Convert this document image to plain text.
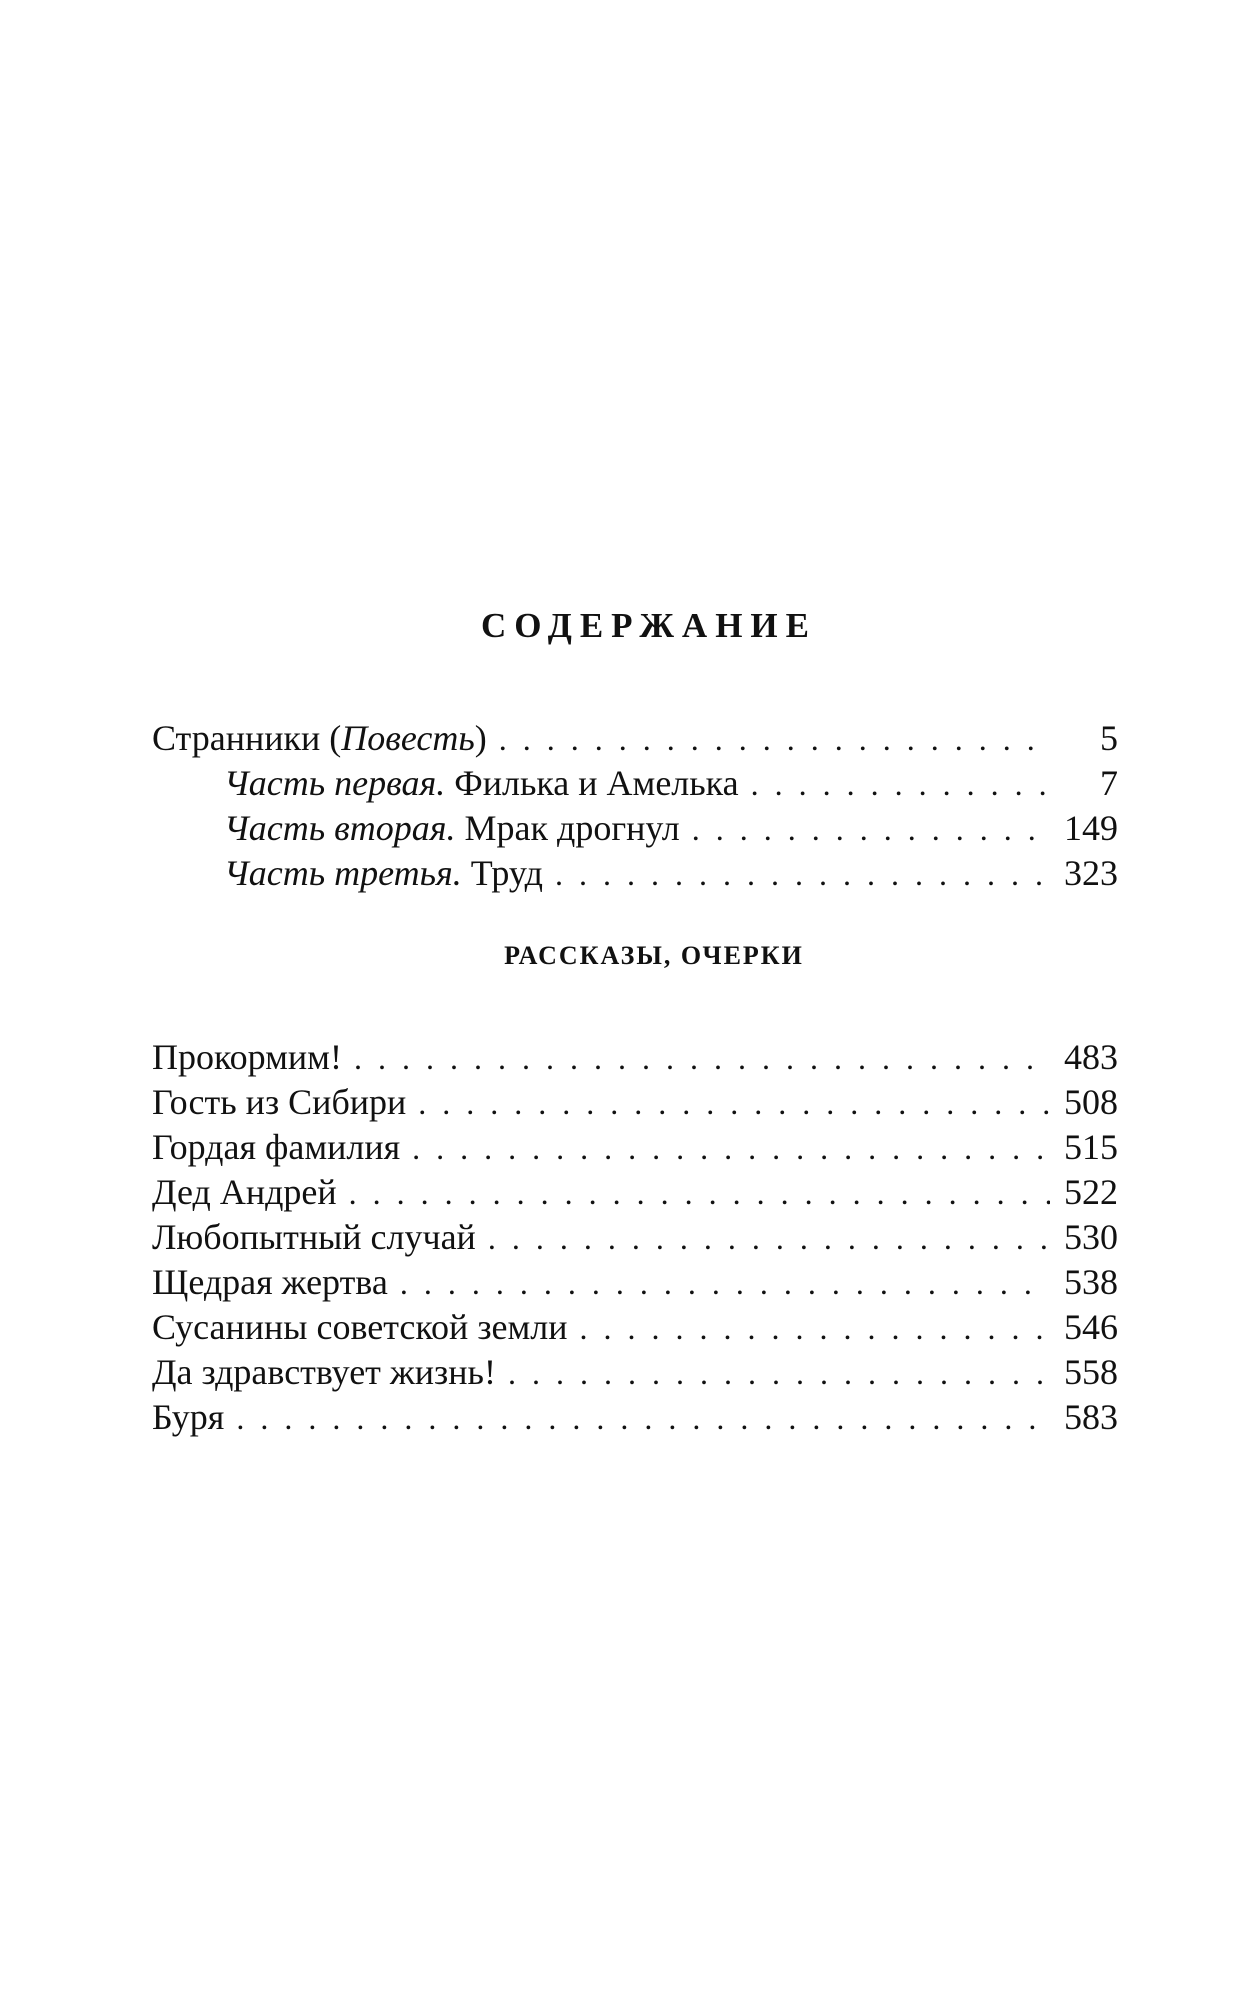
СОДЕРЖАНИЕ
Странники (Повесть) . . .	5
Часть первая. Филька и Амелька . . .	7
Часть вторая. Мрак дрогнул . . .	149
Часть третья. Труд . . .	323
РАССКАЗЫ, ОЧЕРКИ
Прокормим! . . .	483
Гость из Сибири . . .	508
Гордая фамилия . . .	515
Дед Андрей . . .	522
Любопытный случай . . .	530
Щедрая жертва . . .	538
Сусанины советской земли . . .	546
Да здравствует жизнь! . . .	558
Буря . . .	583
